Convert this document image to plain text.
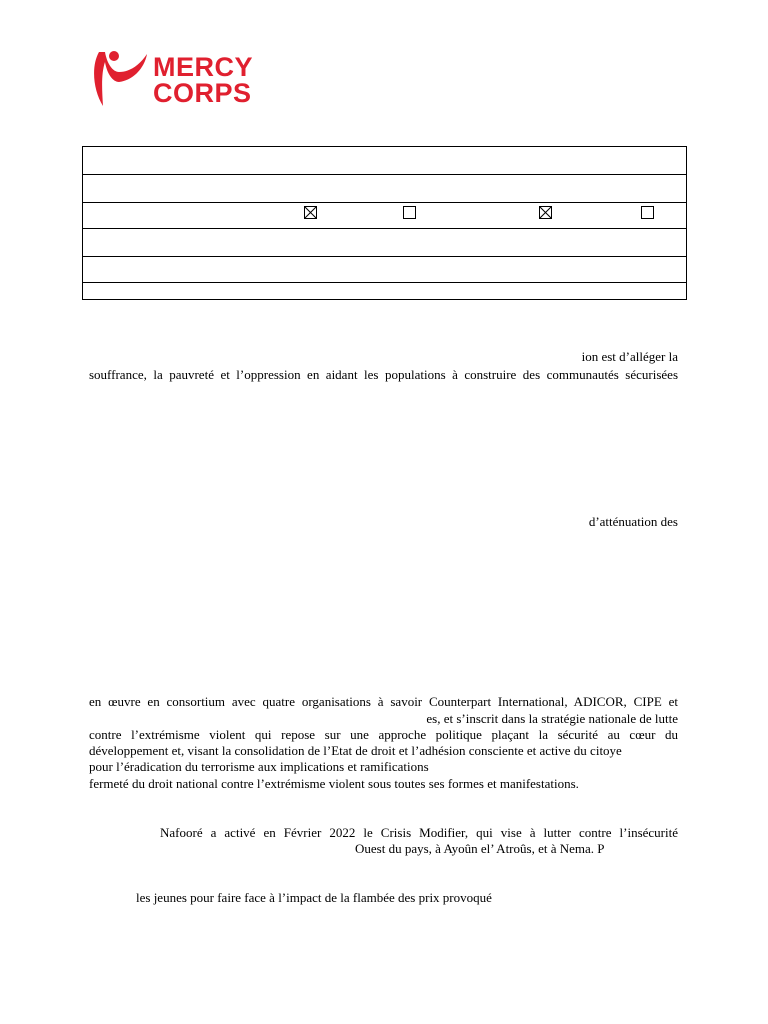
MERCY
CORPS

ion est d’alléger la
souffrance, la pauvreté et l’oppression en aidant les populations à construire des communautés sécurisées
d’atténuation des
en œuvre en consortium avec quatre organisations à savoir Counterpart International, ADICOR, CIPE et
es, et s’inscrit dans la stratégie nationale de lutte
contre l’extrémisme violent qui repose sur une approche politique plaçant la sécurité au cœur du
développement et, visant la consolidation de l’Etat de droit et l’adhésion consciente et active du citoye
pour l’éradication du terrorisme aux implications et ramifications
fermeté du droit national contre l’extrémisme violent sous toutes ses formes et manifestations.
Nafooré a activé en Février 2022 le Crisis Modifier, qui vise à lutter contre l’insécurité
Ouest du pays, à Ayoûn el’ Atroûs, et à Nema. P
les jeunes pour faire face à l’impact de la flambée des prix provoqué
